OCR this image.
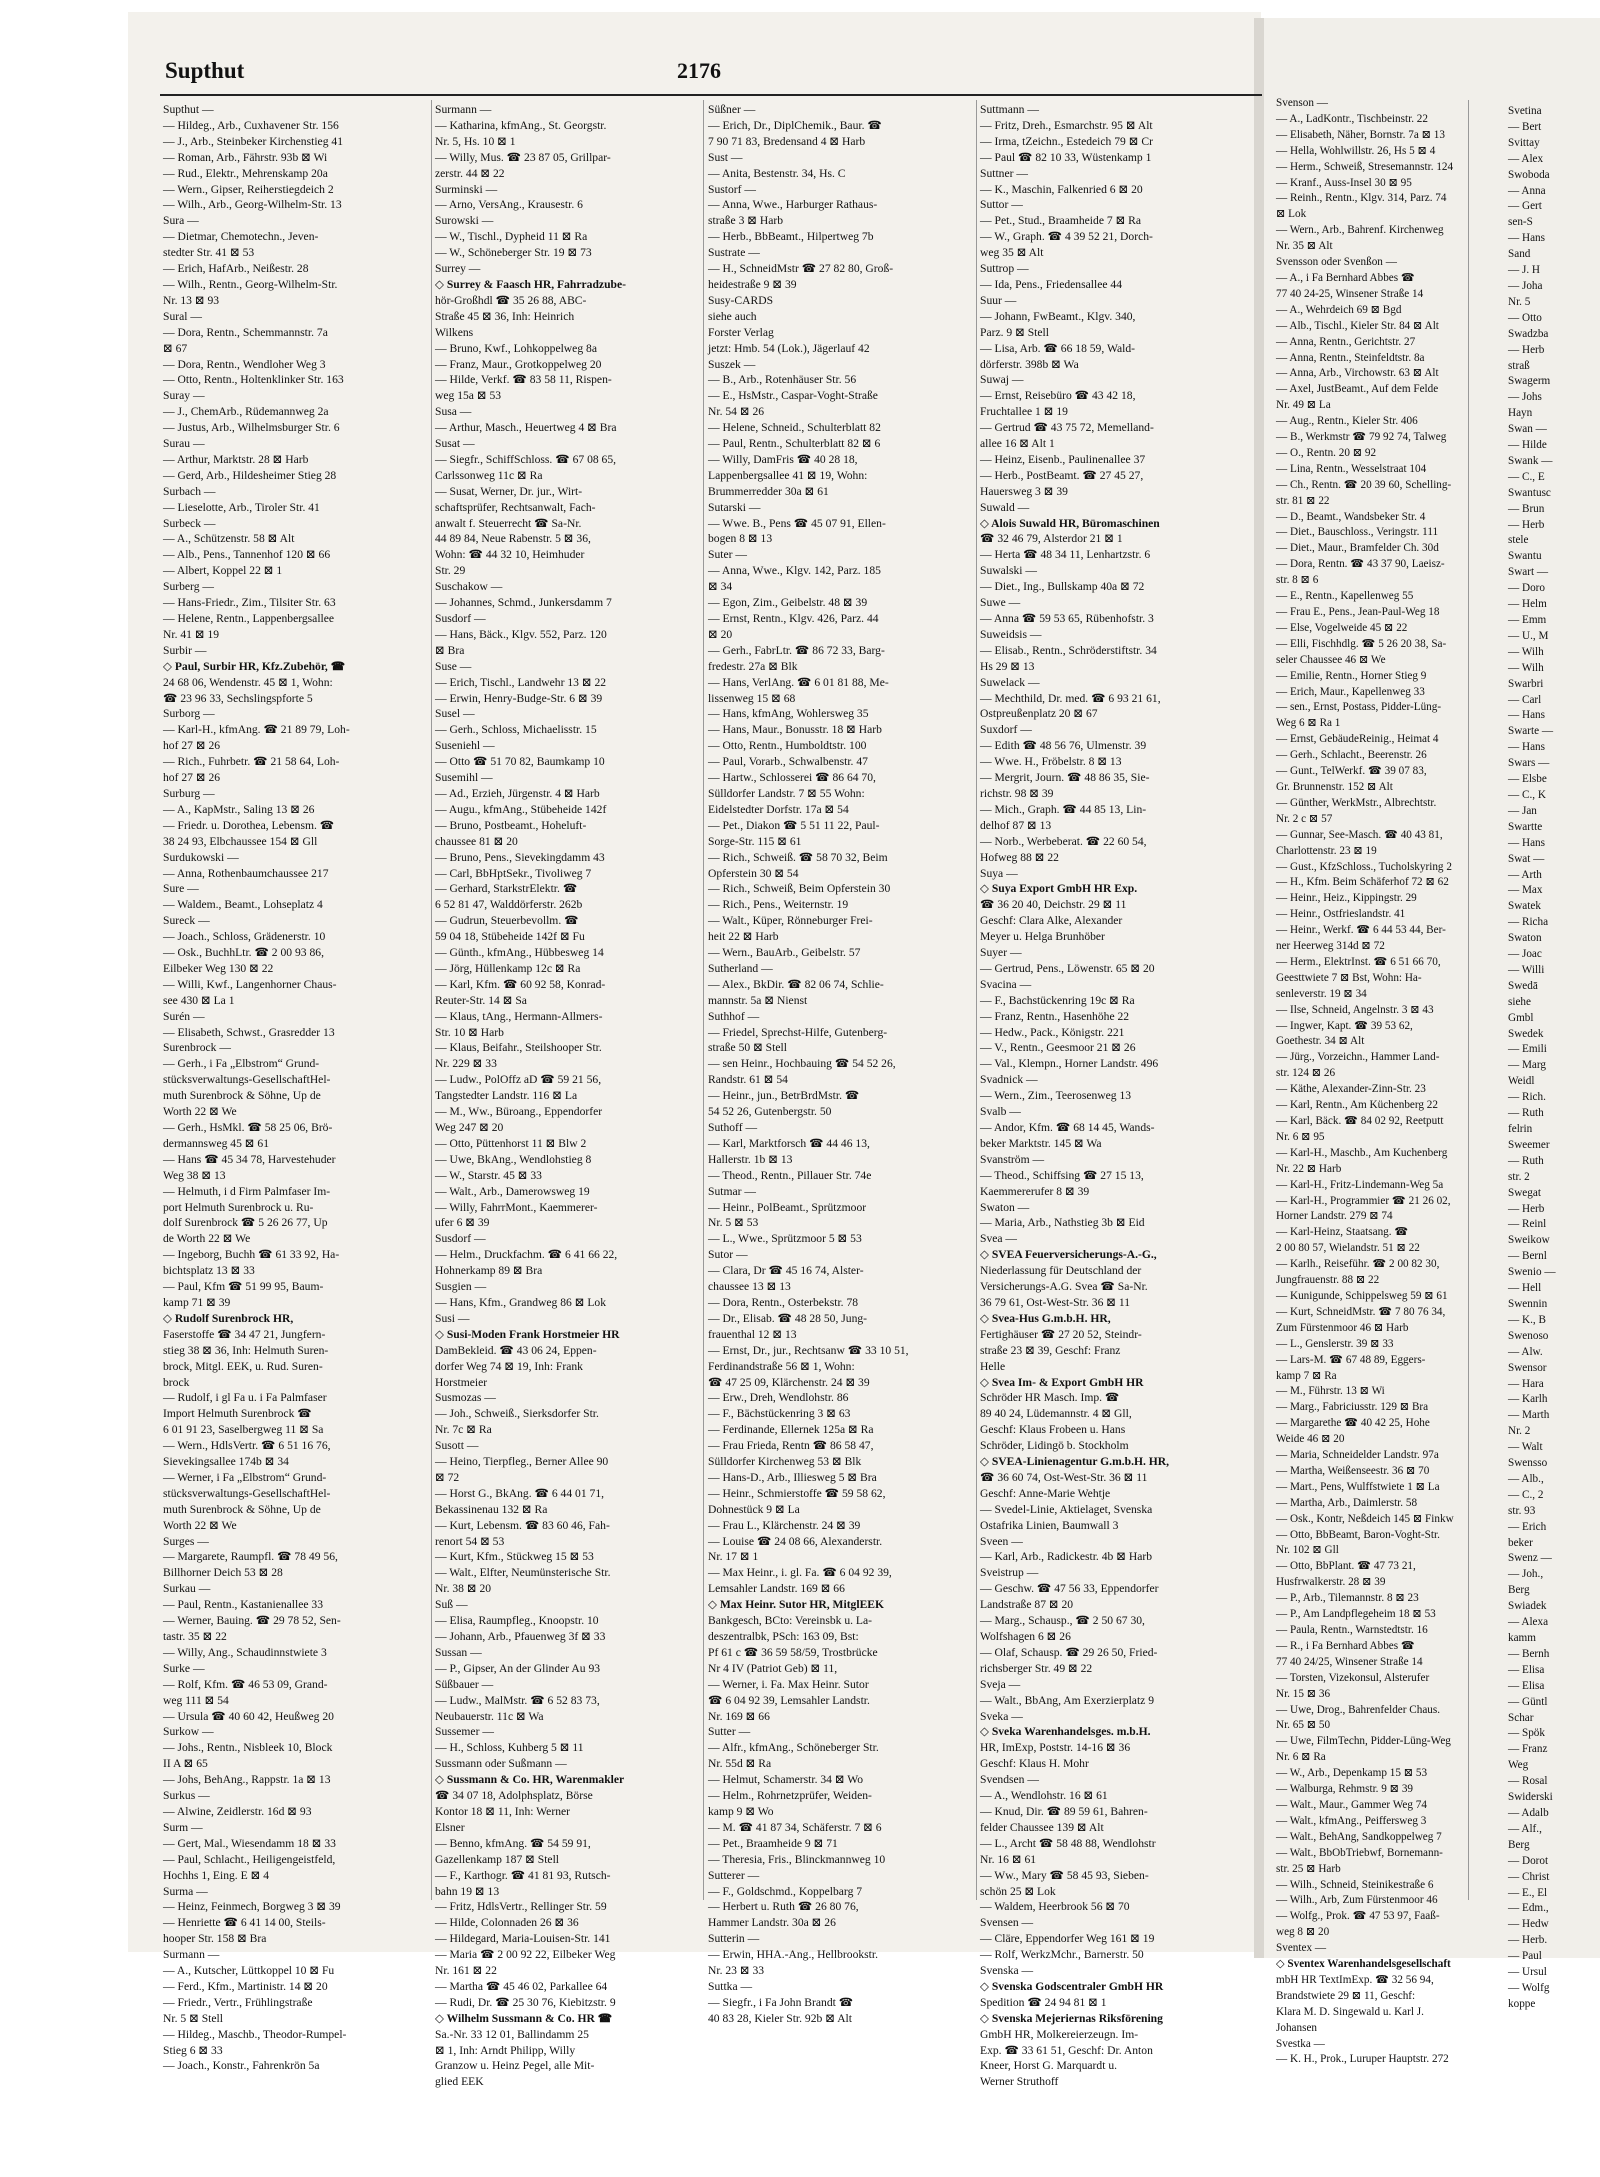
Supthut	2176
Supthut —
— Hildeg., Arb., Cuxhavener Str. 156
— J., Arb., Steinbeker Kirchenstieg 41
— Roman, Arb., Fährstr. 93b ⊠ Wi
— Rud., Elektr., Mehrenskamp 20a
— Wern., Gipser, Reiherstiegdeich 2
— Wilh., Arb., Georg-Wilhelm-Str. 13
Sura —
— Dietmar, Chemotechn., Jeven-
stedter Str. 41 ⊠ 53
— Erich, HafArb., Neißestr. 28
— Wilh., Rentn., Georg-Wilhelm-Str.
Nr. 13 ⊠ 93
Sural —
— Dora, Rentn., Schemmannstr. 7a
⊠ 67
— Dora, Rentn., Wendloher Weg 3
— Otto, Rentn., Holtenklinker Str. 163
Suray —
— J., ChemArb., Rüdemannweg 2a
— Justus, Arb., Wilhelmsburger Str. 6
Surau —
— Arthur, Marktstr. 28 ⊠ Harb
— Gerd, Arb., Hildesheimer Stieg 28
Surbach —
— Lieselotte, Arb., Tiroler Str. 41
Surbeck —
— A., Schützenstr. 58 ⊠ Alt
— Alb., Pens., Tannenhof 120 ⊠ 66
— Albert, Koppel 22 ⊠ 1
Surberg —
— Hans-Friedr., Zim., Tilsiter Str. 63
— Helene, Rentn., Lappenbergsallee
Nr. 41 ⊠ 19
Surbir —
◇ Paul, Surbir HR, Kfz.Zubehör, ☎
24 68 06, Wendenstr. 45 ⊠ 1, Wohn:
☎ 23 96 33, Sechslingspforte 5
Surborg —
— Karl-H., kfmAng. ☎ 21 89 79, Loh-
hof 27 ⊠ 26
— Rich., Fuhrbetr. ☎ 21 58 64, Loh-
hof 27 ⊠ 26
Surburg —
— A., KapMstr., Saling 13 ⊠ 26
— Friedr. u. Dorothea, Lebensm. ☎
38 24 93, Elbchaussee 154 ⊠ Gll
Surdukowski —
— Anna, Rothenbaumchaussee 217
Sure —
— Waldem., Beamt., Lohseplatz 4
Sureck —
— Joach., Schloss, Grädenerstr. 10
— Osk., BuchhLtr. ☎ 2 00 93 86,
Eilbeker Weg 130 ⊠ 22
— Willi, Kwf., Langenhorner Chaus-
see 430 ⊠ La 1
Surén —
— Elisabeth, Schwst., Grasredder 13
Surenbrock —
— Gerh., i Fa „Elbstrom“ Grund-
stücksverwaltungs-GesellschaftHel-
muth Surenbrock & Söhne, Up de
Worth 22 ⊠ We
— Gerh., HsMkl. ☎ 58 25 06, Brö-
dermannsweg 45 ⊠ 61
— Hans ☎ 45 34 78, Harvestehuder
Weg 38 ⊠ 13
— Helmuth, i d Firm Palmfaser Im-
port Helmuth Surenbrock u. Ru-
dolf Surenbrock ☎ 5 26 26 77, Up
de Worth 22 ⊠ We
— Ingeborg, Buchh ☎ 61 33 92, Ha-
bichtsplatz 13 ⊠ 33
— Paul, Kfm ☎ 51 99 95, Baum-
kamp 71 ⊠ 39
◇ Rudolf Surenbrock HR,
Faserstoffe ☎ 34 47 21, Jungfern-
stieg 38 ⊠ 36, Inh: Helmuth Suren-
brock, Mitgl. EEK, u. Rud. Suren-
brock
— Rudolf, i gl Fa u. i Fa Palmfaser
Import Helmuth Surenbrock ☎
6 01 91 23, Saselbergweg 11 ⊠ Sa
— Wern., HdlsVertr. ☎ 6 51 16 76,
Sievekingsallee 174b ⊠ 34
— Werner, i Fa „Elbstrom“ Grund-
stücksverwaltungs-GesellschaftHel-
muth Surenbrock & Söhne, Up de
Worth 22 ⊠ We
Surges —
— Margarete, Raumpfl. ☎ 78 49 56,
Billhorner Deich 53 ⊠ 28
Surkau —
— Paul, Rentn., Kastanienallee 33
— Werner, Bauing. ☎ 29 78 52, Sen-
tastr. 35 ⊠ 22
— Willy, Ang., Schaudinnstwiete 3
Surke —
— Rolf, Kfm. ☎ 46 53 09, Grand-
weg 111 ⊠ 54
— Ursula ☎ 40 60 42, Heußweg 20
Surkow —
— Johs., Rentn., Nisbleek 10, Block
II A ⊠ 65
— Johs, BehAng., Rappstr. 1a ⊠ 13
Surkus —
— Alwine, Zeidlerstr. 16d ⊠ 93
Surm —
— Gert, Mal., Wiesendamm 18 ⊠ 33
— Paul, Schlacht., Heiligengeistfeld,
Hochhs 1, Eing. E ⊠ 4
Surma —
— Heinz, Feinmech, Borgweg 3 ⊠ 39
— Henriette ☎ 6 41 14 00, Steils-
hooper Str. 158 ⊠ Bra
Surmann —
— A., Kutscher, Lüttkoppel 10 ⊠ Fu
— Ferd., Kfm., Martinistr. 14 ⊠ 20
— Friedr., Vertr., Frühlingstraße
Nr. 5 ⊠ Stell
— Hildeg., Maschb., Theodor-Rumpel-
Stieg 6 ⊠ 33
— Joach., Konstr., Fahrenkrön 5a
Surmann —
— Katharina, kfmAng., St. Georgstr.
Nr. 5, Hs. 10 ⊠ 1
— Willy, Mus. ☎ 23 87 05, Grillpar-
zerstr. 44 ⊠ 22
Surminski —
— Arno, VersAng., Krausestr. 6
Surowski —
— W., Tischl., Dypheid 11 ⊠ Ra
— W., Schöneberger Str. 19 ⊠ 73
Surrey —
◇ Surrey & Faasch HR, Fahrradzube-
hör-Großhdl ☎ 35 26 88, ABC-
Straße 45 ⊠ 36, Inh: Heinrich
Wilkens
— Bruno, Kwf., Lohkoppelweg 8a
— Franz, Maur., Grotkoppelweg 20
— Hilde, Verkf. ☎ 83 58 11, Rispen-
weg 15a ⊠ 53
Susa —
— Arthur, Masch., Heuertweg 4 ⊠ Bra
Susat —
— Siegfr., SchiffSchloss. ☎ 67 08 65,
Carlssonweg 11c ⊠ Ra
— Susat, Werner, Dr. jur., Wirt-
schaftsprüfer, Rechtsanwalt, Fach-
anwalt f. Steuerrecht ☎ Sa-Nr.
44 89 84, Neue Rabenstr. 5 ⊠ 36,
Wohn: ☎ 44 32 10, Heimhuder
Str. 29
Suschakow —
— Johannes, Schmd., Junkersdamm 7
Susdorf —
— Hans, Bäck., Klgv. 552, Parz. 120
⊠ Bra
Suse —
— Erich, Tischl., Landwehr 13 ⊠ 22
— Erwin, Henry-Budge-Str. 6 ⊠ 39
Susel —
— Gerh., Schloss, Michaelisstr. 15
Suseniehl —
— Otto ☎ 51 70 82, Baumkamp 10
Susemihl —
— Ad., Erzieh, Jürgenstr. 4 ⊠ Harb
— Augu., kfmAng., Stübeheide 142f
— Bruno, Postbeamt., Hoheluft-
chaussee 81 ⊠ 20
— Bruno, Pens., Sievekingdamm 43
— Carl, BbHptSekr., Tivoliweg 7
— Gerhard, StarkstrElektr. ☎
6 52 81 47, Walddörferstr. 262b
— Gudrun, Steuerbevollm. ☎
59 04 18, Stübeheide 142f ⊠ Fu
— Günth., kfmAng., Hübbesweg 14
— Jörg, Hüllenkamp 12c ⊠ Ra
— Karl, Kfm. ☎ 60 92 58, Konrad-
Reuter-Str. 14 ⊠ Sa
— Klaus, tAng., Hermann-Allmers-
Str. 10 ⊠ Harb
— Klaus, Beifahr., Steilshooper Str.
Nr. 229 ⊠ 33
— Ludw., PolOffz aD ☎ 59 21 56,
Tangstedter Landstr. 116 ⊠ La
— M., Ww., Büroang., Eppendorfer
Weg 247 ⊠ 20
— Otto, Püttenhorst 11 ⊠ Blw 2
— Uwe, BkAng., Wendlohstieg 8
— W., Starstr. 45 ⊠ 33
— Walt., Arb., Damerowsweg 19
— Willy, FahrrMont., Kaemmerer-
ufer 6 ⊠ 39
Susdorf —
— Helm., Druckfachm. ☎ 6 41 66 22,
Hohnerkamp 89 ⊠ Bra
Susgien —
— Hans, Kfm., Grandweg 86 ⊠ Lok
Susi —
◇ Susi-Moden Frank Horstmeier HR
DamBekleid. ☎ 43 06 24, Eppen-
dorfer Weg 74 ⊠ 19, Inh: Frank
Horstmeier
Susmozas —
— Joh., Schweiß., Sierksdorfer Str.
Nr. 7c ⊠ Ra
Susott —
— Heino, Tierpfleg., Berner Allee 90
⊠ 72
— Horst G., BkAng. ☎ 6 44 01 71,
Bekassinenau 132 ⊠ Ra
— Kurt, Lebensm. ☎ 83 60 46, Fah-
renort 54 ⊠ 53
— Kurt, Kfm., Stückweg 15 ⊠ 53
— Walt., Elfter, Neumünsterische Str.
Nr. 38 ⊠ 20
Suß —
— Elisa, Raumpfleg., Knoopstr. 10
— Johann, Arb., Pfauenweg 3f ⊠ 33
Sussan —
— P., Gipser, An der Glinder Au 93
Süßbauer —
— Ludw., MalMstr. ☎ 6 52 83 73,
Neubauerstr. 11c ⊠ Wa
Sussemer —
— H., Schloss, Kuhberg 5 ⊠ 11
Sussmann oder Sußmann —
◇ Sussmann & Co. HR, Warenmakler
☎ 34 07 18, Adolphsplatz, Börse
Kontor 18 ⊠ 11, Inh: Werner
Elsner
— Benno, kfmAng. ☎ 54 59 91,
Gazellenkamp 187 ⊠ Stell
— F., Karthogr. ☎ 41 81 93, Rutsch-
bahn 19 ⊠ 13
— Fritz, HdlsVertr., Rellinger Str. 59
— Hilde, Colonnaden 26 ⊠ 36
— Hildegard, Maria-Louisen-Str. 141
— Maria ☎ 2 00 92 22, Eilbeker Weg
Nr. 161 ⊠ 22
— Martha ☎ 45 46 02, Parkallee 64
— Rudi, Dr. ☎ 25 30 76, Kiebitzstr. 9
◇ Wilhelm Sussmann & Co. HR ☎
Sa.-Nr. 33 12 01, Ballindamm 25
⊠ 1, Inh: Arndt Philipp, Willy
Granzow u. Heinz Pegel, alle Mit-
glied EEK
Süßner —
— Erich, Dr., DiplChemik., Baur. ☎
7 90 71 83, Bredensand 4 ⊠ Harb
Sust —
— Anita, Bestenstr. 34, Hs. C
Sustorf —
— Anna, Wwe., Harburger Rathaus-
straße 3 ⊠ Harb
— Herb., BbBeamt., Hilpertweg 7b
Sustrate —
— H., SchneidMstr ☎ 27 82 80, Groß-
heidestraße 9 ⊠ 39
Susy-CARDS
siehe auch
Forster Verlag
jetzt: Hmb. 54 (Lok.), Jägerlauf 42
Suszek —
— B., Arb., Rotenhäuser Str. 56
— E., HsMstr., Caspar-Voght-Straße
Nr. 54 ⊠ 26
— Helene, Schneid., Schulterblatt 82
— Paul, Rentn., Schulterblatt 82 ⊠ 6
— Willy, DamFris ☎ 40 28 18,
Lappenbergsallee 41 ⊠ 19, Wohn:
Brummerredder 30a ⊠ 61
Sutarski —
— Wwe. B., Pens ☎ 45 07 91, Ellen-
bogen 8 ⊠ 13
Suter —
— Anna, Wwe., Klgv. 142, Parz. 185
⊠ 34
— Egon, Zim., Geibelstr. 48 ⊠ 39
— Ernst, Rentn., Klgv. 426, Parz. 44
⊠ 20
— Gerh., FabrLtr. ☎ 86 72 33, Barg-
fredestr. 27a ⊠ Blk
— Hans, VerlAng. ☎ 6 01 81 88, Me-
lissenweg 15 ⊠ 68
— Hans, kfmAng, Wohlersweg 35
— Hans, Maur., Bonusstr. 18 ⊠ Harb
— Otto, Rentn., Humboldtstr. 100
— Paul, Vorarb., Schwalbenstr. 47
— Hartw., Schlosserei ☎ 86 64 70,
Sülldorfer Landstr. 7 ⊠ 55 Wohn:
Eidelstedter Dorfstr. 17a ⊠ 54
— Pet., Diakon ☎ 5 51 11 22, Paul-
Sorge-Str. 115 ⊠ 61
— Rich., Schweiß. ☎ 58 70 32, Beim
Opferstein 30 ⊠ 54
— Rich., Schweiß, Beim Opferstein 30
— Rich., Pens., Weiternstr. 19
— Walt., Küper, Rönneburger Frei-
heit 22 ⊠ Harb
— Wern., BauArb., Geibelstr. 57
Sutherland —
— Alex., BkDir. ☎ 82 06 74, Schlie-
mannstr. 5a ⊠ Nienst
Suthhof —
— Friedel, Sprechst-Hilfe, Gutenberg-
straße 50 ⊠ Stell
— sen Heinr., Hochbauing ☎ 54 52 26,
Randstr. 61 ⊠ 54
— Heinr., jun., BetrBrdMstr. ☎
54 52 26, Gutenbergstr. 50
Suthoff —
— Karl, Marktforsch ☎ 44 46 13,
Hallerstr. 1b ⊠ 13
— Theod., Rentn., Pillauer Str. 74e
Sutmar —
— Heinr., PolBeamt., Sprützmoor
Nr. 5 ⊠ 53
— L., Wwe., Sprützmoor 5 ⊠ 53
Sutor —
— Clara, Dr ☎ 45 16 74, Alster-
chaussee 13 ⊠ 13
— Dora, Rentn., Osterbekstr. 78
— Dr., Elisab. ☎ 48 28 50, Jung-
frauenthal 12 ⊠ 13
— Ernst, Dr., jur., Rechtsanw ☎ 33 10 51,
Ferdinandstraße 56 ⊠ 1, Wohn:
☎ 47 25 09, Klärchenstr. 24 ⊠ 39
— Erw., Dreh, Wendlohstr. 86
— F., Bächstückenring 3 ⊠ 63
— Ferdinande, Ellernek 125a ⊠ Ra
— Frau Frieda, Rentn ☎ 86 58 47,
Sülldorfer Kirchenweg 53 ⊠ Blk
— Hans-D., Arb., Illiesweg 5 ⊠ Bra
— Heinr., Schmierstoffe ☎ 59 58 62,
Dohnestück 9 ⊠ La
— Frau L., Klärchenstr. 24 ⊠ 39
— Louise ☎ 24 08 66, Alexanderstr.
Nr. 17 ⊠ 1
— Max Heinr., i. gl. Fa. ☎ 6 04 92 39,
Lemsahler Landstr. 169 ⊠ 66
◇ Max Heinr. Sutor HR, MitglEEK
Bankgesch, BCto: Vereinsbk u. La-
deszentralbk, PSch: 163 09, Bst:
Pf 61 c ☎ 36 59 58/59, Trostbrücke
Nr 4 IV (Patriot Geb) ⊠ 11,
— Werner, i. Fa. Max Heinr. Sutor
☎ 6 04 92 39, Lemsahler Landstr.
Nr. 169 ⊠ 66
Sutter —
— Alfr., kfmAng., Schöneberger Str.
Nr. 55d ⊠ Ra
— Helmut, Schamerstr. 34 ⊠ Wo
— Helm., Rohrnetzprüfer, Weiden-
kamp 9 ⊠ Wo
— M. ☎ 41 87 34, Schäferstr. 7 ⊠ 6
— Pet., Braamheide 9 ⊠ 71
— Theresia, Fris., Blinckmannweg 10
Sutterer —
— F., Goldschmd., Koppelbarg 7
— Herbert u. Ruth ☎ 26 80 76,
Hammer Landstr. 30a ⊠ 26
Sutterin —
— Erwin, HHA.-Ang., Hellbrookstr.
Nr. 23 ⊠ 33
Suttka —
— Siegfr., i Fa John Brandt ☎
40 83 28, Kieler Str. 92b ⊠ Alt
Suttmann —
— Fritz, Dreh., Esmarchstr. 95 ⊠ Alt
— Irma, tZeichn., Estedeich 79 ⊠ Cr
— Paul ☎ 82 10 33, Wüstenkamp 1
Suttner —
— K., Maschin, Falkenried 6 ⊠ 20
Suttor —
— Pet., Stud., Braamheide 7 ⊠ Ra
— W., Graph. ☎ 4 39 52 21, Dorch-
weg 35 ⊠ Alt
Suttrop —
— Ida, Pens., Friedensallee 44
Suur —
— Johann, FwBeamt., Klgv. 340,
Parz. 9 ⊠ Stell
— Lisa, Arb. ☎ 66 18 59, Wald-
dörferstr. 398b ⊠ Wa
Suwaj —
— Ernst, Reisebüro ☎ 43 42 18,
Fruchtallee 1 ⊠ 19
— Gertrud ☎ 43 75 72, Memelland-
allee 16 ⊠ Alt 1
— Heinz, Eisenb., Paulinenallee 37
— Herb., PostBeamt. ☎ 27 45 27,
Hauersweg 3 ⊠ 39
Suwald —
◇ Alois Suwald HR, Büromaschinen
☎ 32 46 79, Alsterdor 21 ⊠ 1
— Herta ☎ 48 34 11, Lenhartzstr. 6
Suwalski —
— Diet., Ing., Bullskamp 40a ⊠ 72
Suwe —
— Anna ☎ 59 53 65, Rübenhofstr. 3
Suweidsis —
— Elisab., Rentn., Schröderstiftstr. 34
Hs 29 ⊠ 13
Suwelack —
— Mechthild, Dr. med. ☎ 6 93 21 61,
Ostpreußenplatz 20 ⊠ 67
Suxdorf —
— Edith ☎ 48 56 76, Ulmenstr. 39
— Wwe. H., Fröbelstr. 8 ⊠ 13
— Mergrit, Journ. ☎ 48 86 35, Sie-
richstr. 98 ⊠ 39
— Mich., Graph. ☎ 44 85 13, Lin-
delhof 87 ⊠ 13
— Norb., Werbeberat. ☎ 22 60 54,
Hofweg 88 ⊠ 22
Suya —
◇ Suya Export GmbH HR Exp.
☎ 36 20 40, Deichstr. 29 ⊠ 11
Geschf: Clara Alke, Alexander
Meyer u. Helga Brunhöber
Suyer —
— Gertrud, Pens., Löwenstr. 65 ⊠ 20
Svacina —
— F., Bachstückenring 19c ⊠ Ra
— Franz, Rentn., Hasenhöhe 22
— Hedw., Pack., Königstr. 221
— V., Rentn., Geesmoor 21 ⊠ 26
— Val., Klempn., Horner Landstr. 496
Svadnick —
— Wern., Zim., Teerosenweg 13
Svalb —
— Andor, Kfm. ☎ 68 14 45, Wands-
beker Marktstr. 145 ⊠ Wa
Svanström —
— Theod., Schiffsing ☎ 27 15 13,
Kaemmererufer 8 ⊠ 39
Swaton —
— Maria, Arb., Nathstieg 3b ⊠ Eid
Svea —
◇ SVEA Feuerversicherungs-A.-G.,
Niederlassung für Deutschland der
Versicherungs-A.G. Svea ☎ Sa-Nr.
36 79 61, Ost-West-Str. 36 ⊠ 11
◇ Svea-Hus G.m.b.H. HR,
Fertighäuser ☎ 27 20 52, Steindr-
straße 23 ⊠ 39, Geschf: Franz
Helle
◇ Svea Im- & Export GmbH HR
Schröder HR Masch. Imp. ☎
89 40 24, Lüdemannstr. 4 ⊠ Gll,
Geschf: Klaus Frobeen u. Hans
Schröder, Lidingö b. Stockholm
◇ SVEA-Linienagentur G.m.b.H. HR,
☎ 36 60 74, Ost-West-Str. 36 ⊠ 11
Geschf: Anne-Marie Wehtje
— Svedel-Linie, Aktielaget, Svenska
Ostafrika Linien, Baumwall 3
Sveen —
— Karl, Arb., Radickestr. 4b ⊠ Harb
Sveistrup —
— Geschw. ☎ 47 56 33, Eppendorfer
Landstraße 87 ⊠ 20
— Marg., Schausp., ☎ 2 50 67 30,
Wolfshagen 6 ⊠ 26
— Olaf, Schausp. ☎ 29 26 50, Fried-
richsberger Str. 49 ⊠ 22
Sveja —
— Walt., BbAng, Am Exerzierplatz 9
Sveka —
◇ Sveka Warenhandelsges. m.b.H.
HR, ImExp, Poststr. 14-16 ⊠ 36
Geschf: Klaus H. Mohr
Svendsen —
— A., Wendlohstr. 16 ⊠ 61
— Knud, Dir. ☎ 89 59 61, Bahren-
felder Chaussee 139 ⊠ Alt
— L., Archt ☎ 58 48 88, Wendlohstr
Nr. 16 ⊠ 61
— Ww., Mary ☎ 58 45 93, Sieben-
schön 25 ⊠ Lok
— Waldem, Heerbrook 56 ⊠ 70
Svensen —
— Cläre, Eppendorfer Weg 161 ⊠ 19
— Rolf, WerkzMchr., Barnerstr. 50
Svenska —
◇ Svenska Godscentraler GmbH HR
Spedition ☎ 24 94 81 ⊠ 1
◇ Svenska Mejeriernas Riksförening
GmbH HR, Molkereierzeugn. Im-
Exp. ☎ 33 61 51, Geschf: Dr. Anton
Kneer, Horst G. Marquardt u.
Werner Struthoff
Svenson —
— A., LadKontr., Tischbeinstr. 22
— Elisabeth, Näher, Bornstr. 7a ⊠ 13
— Hella, Wohlwillstr. 26, Hs 5 ⊠ 4
— Herm., Schweiß, Stresemannstr. 124
— Kranf., Auss-Insel 30 ⊠ 95
— Reinh., Rentn., Klgv. 314, Parz. 74
⊠ Lok
— Wern., Arb., Bahrenf. Kirchenweg
Nr. 35 ⊠ Alt
Svensson oder Svenßon —
— A., i Fa Bernhard Abbes ☎
77 40 24-25, Winsener Straße 14
— A., Wehrdeich 69 ⊠ Bgd
— Alb., Tischl., Kieler Str. 84 ⊠ Alt
— Anna, Rentn., Gerichtstr. 27
— Anna, Rentn., Steinfeldtstr. 8a
— Anna, Arb., Virchowstr. 63 ⊠ Alt
— Axel, JustBeamt., Auf dem Felde
Nr. 49 ⊠ La
— Aug., Rentn., Kieler Str. 406
— B., Werkmstr ☎ 79 92 74, Talweg
— O., Rentn. 20 ⊠ 92
— Lina, Rentn., Wesselstraat 104
— Ch., Rentn. ☎ 20 39 60, Schelling-
str. 81 ⊠ 22
— D., Beamt., Wandsbeker Str. 4
— Diet., Bauschloss., Veringstr. 111
— Diet., Maur., Bramfelder Ch. 30d
— Dora, Rentn. ☎ 43 37 90, Laeisz-
str. 8 ⊠ 6
— E., Rentn., Kapellenweg 55
— Frau E., Pens., Jean-Paul-Weg 18
— Else, Vogelweide 45 ⊠ 22
— Elli, Fischhdlg. ☎ 5 26 20 38, Sa-
seler Chaussee 46 ⊠ We
— Emilie, Rentn., Horner Stieg 9
— Erich, Maur., Kapellenweg 33
— sen., Ernst, Postass, Pidder-Lüng-
Weg 6 ⊠ Ra 1
— Ernst, GebäudeReinig., Heimat 4
— Gerh., Schlacht., Beerenstr. 26
— Gunt., TelWerkf. ☎ 39 07 83,
Gr. Brunnenstr. 152 ⊠ Alt
— Günther, WerkMstr., Albrechtstr.
Nr. 2 c ⊠ 57
— Gunnar, See-Masch. ☎ 40 43 81,
Charlottenstr. 23 ⊠ 19
— Gust., KfzSchloss., Tucholskyring 2
— H., Kfm. Beim Schäferhof 72 ⊠ 62
— Heinr., Heiz., Kippingstr. 29
— Heinr., Ostfrieslandstr. 41
— Heinr., Werkf. ☎ 6 44 53 44, Ber-
ner Heerweg 314d ⊠ 72
— Herm., ElektrInst. ☎ 6 51 66 70,
Geesttwiete 7 ⊠ Bst, Wohn: Ha-
senleverstr. 19 ⊠ 34
— Ilse, Schneid, Angelnstr. 3 ⊠ 43
— Ingwer, Kapt. ☎ 39 53 62,
Goethestr. 34 ⊠ Alt
— Jürg., Vorzeichn., Hammer Land-
str. 124 ⊠ 26
— Käthe, Alexander-Zinn-Str. 23
— Karl, Rentn., Am Küchenberg 22
— Karl, Bäck. ☎ 84 02 92, Reetputt
Nr. 6 ⊠ 95
— Karl-H., Maschb., Am Kuchenberg
Nr. 22 ⊠ Harb
— Karl-H., Fritz-Lindemann-Weg 5a
— Karl-H., Programmier ☎ 21 26 02,
Horner Landstr. 279 ⊠ 74
— Karl-Heinz, Staatsang. ☎
2 00 80 57, Wielandstr. 51 ⊠ 22
— Karlh., Reiseführ. ☎ 2 00 82 30,
Jungfrauenstr. 88 ⊠ 22
— Kunigunde, Schippelsweg 59 ⊠ 61
— Kurt, SchneidMstr. ☎ 7 80 76 34,
Zum Fürstenmoor 46 ⊠ Harb
— L., Genslerstr. 39 ⊠ 33
— Lars-M. ☎ 67 48 89, Eggers-
kamp 7 ⊠ Ra
— M., Führstr. 13 ⊠ Wi
— Marg., Fabriciusstr. 129 ⊠ Bra
— Margarethe ☎ 40 42 25, Hohe
Weide 46 ⊠ 20
— Maria, Schneidelder Landstr. 97a
— Martha, Weißenseestr. 36 ⊠ 70
— Mart., Pens, Wulffstwiete 1 ⊠ La
— Martha, Arb., Daimlerstr. 58
— Osk., Kontr, Neßdeich 145 ⊠ Finkw
— Otto, BbBeamt, Baron-Voght-Str.
Nr. 102 ⊠ Gll
— Otto, BbPlant. ☎ 47 73 21,
Husfrwalkerstr. 28 ⊠ 39
— P., Arb., Tilemannstr. 8 ⊠ 23
— P., Am Landpflegeheim 18 ⊠ 53
— Paula, Rentn., Warnstedtstr. 16
— R., i Fa Bernhard Abbes ☎
77 40 24/25, Winsener Straße 14
— Torsten, Vizekonsul, Alsterufer
Nr. 15 ⊠ 36
— Uwe, Drog., Bahrenfelder Chaus.
Nr. 65 ⊠ 50
— Uwe, FilmTechn, Pidder-Lüng-Weg
Nr. 6 ⊠ Ra
— W., Arb., Depenkamp 15 ⊠ 53
— Walburga, Rehmstr. 9 ⊠ 39
— Walt., Maur., Gammer Weg 74
— Walt., kfmAng., Peiffersweg 3
— Walt., BehAng, Sandkoppelweg 7
— Walt., BbObTriebwf, Bornemann-
str. 25 ⊠ Harb
— Wilh., Schneid, Steinikestraße 6
— Wilh., Arb, Zum Fürstenmoor 46
— Wolfg., Prok. ☎ 47 53 97, Faaß-
weg 8 ⊠ 20
Sventex —
◇ Sventex Warenhandelsgesellschaft
mbH HR TextImExp. ☎ 32 56 94,
Brandstwiete 29 ⊠ 11, Geschf:
Klara M. D. Singewald u. Karl J.
Johansen
Svestka —
— K. H., Prok., Luruper Hauptstr. 272
Svetina
— Bert
Svittay
— Alex
Swoboda
— Anna
— Gert
sen-S
— Hans
Sand
— J. H
— Joha
Nr. 5
— Otto
Swadzba
— Herb
straß
Swagerm
— Johs
Hayn
Swan —
— Hilde
Swank —
— C., E
Swantusc
— Brun
— Herb
stele
Swantu
Swart —
— Doro
— Helm
— Emm
— U., M
— Wilh
— Wilh
Swarbri
— Carl
— Hans
Swarte —
— Hans
Swars —
— Elsbe
— C., K
— Jan
Swartte
— Hans
Swat —
— Arth
— Max
Swatek
— Richa
Swaton
— Joac
— Willi
Swedā
siehe
Gmbl
Swedek
— Emili
— Marg
Weidl
— Rich.
— Ruth
felrin
Sweemer
— Ruth
str. 2
Swegat
— Herb
— Reinl
Sweikow
— Bernl
Swenio —
— Hell
Swennin
— K., B
Swenoso
— Alw.
Swensor
— Hara
— Karlh
— Marth
Nr. 2
— Walt
Swensso
— Alb.,
— C., 2
str. 93
— Erich
beker
Swenz —
— Joh.,
Berg
Swiadek
— Alexa
kamm
— Bernh
— Elisa
— Elisa
— Güntl
Schar
— Spök
— Franz
Weg
— Rosal
Swiderski
— Adalb
— Alf.,
Berg
— Dorot
— Christ
— E., El
— Edm.,
— Hedw
— Herb.
— Paul
— Ursul
— Wolfg
koppe
